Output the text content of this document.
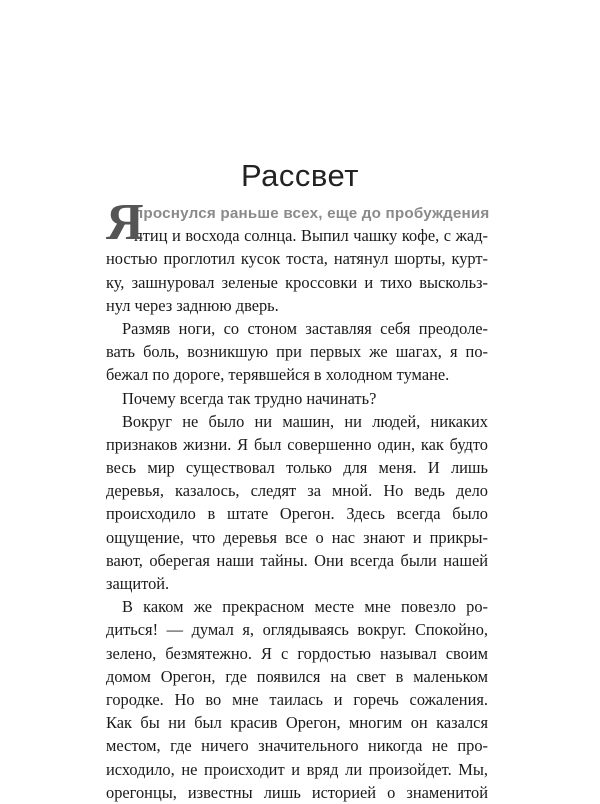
Рассвет
Я
проснулся раньше всех, еще до пробуждения
птиц и восхода солнца. Выпил чашку кофе, с жад-
ностью проглотил кусок тоста, натянул шорты, курт-
ку, зашнуровал зеленые кроссовки и тихо выскольз-
нул через заднюю дверь.
Размяв ноги, со стоном заставляя себя преодоле-
вать боль, возникшую при первых же шагах, я по-
бежал по дороге, терявшейся в холодном тумане.
Почему всегда так трудно начинать?
Вокруг не было ни машин, ни людей, никаких
признаков жизни. Я был совершенно один, как будто
весь мир существовал только для меня. И лишь
деревья, казалось, следят за мной. Но ведь дело
происходило в штате Орегон. Здесь всегда было
ощущение, что деревья все о нас знают и прикры-
вают, оберегая наши тайны. Они всегда были нашей
защитой.
В каком же прекрасном месте мне повезло ро-
диться! — думал я, оглядываясь вокруг. Спокойно,
зелено, безмятежно. Я с гордостью называл своим
домом Орегон, где появился на свет в маленьком
городке. Но во мне таилась и горечь сожаления.
Как бы ни был красив Орегон, многим он казался
местом, где ничего значительного никогда не про-
исходило, не происходит и вряд ли произойдет. Мы,
орегонцы, известны лишь историей о знаменитой
